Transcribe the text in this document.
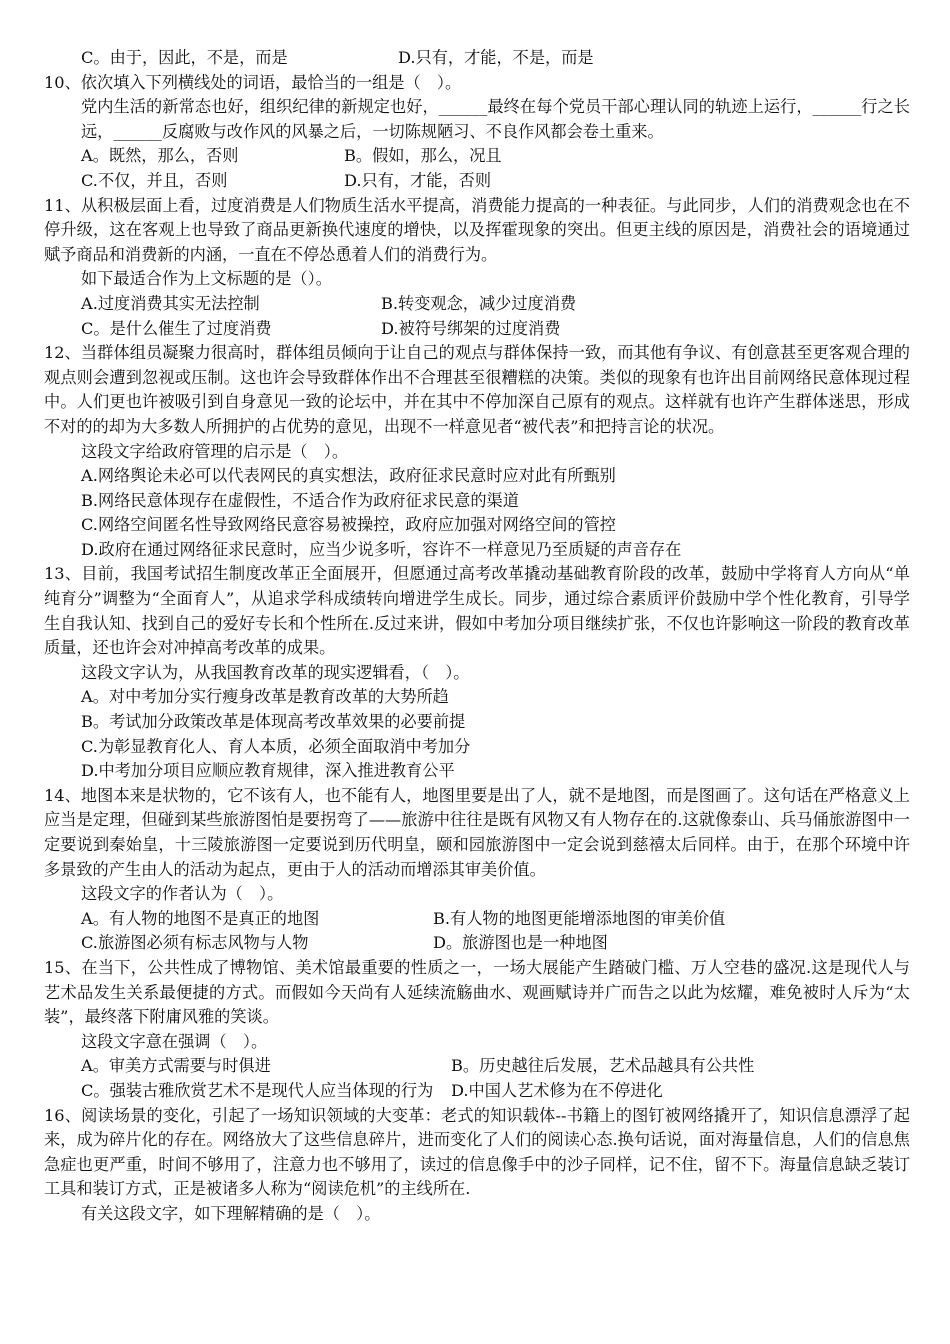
C。由于，因此，不是，而是	D.只有，才能，不是，而是
10、依次填入下列横线处的词语，最恰当的一组是（　）。
党内生活的新常态也好，组织纪律的新规定也好，______最终在每个党员干部心理认同的轨迹上运行，______行之长远，______反腐败与改作风的风暴之后，一切陈规陋习、不良作风都会卷土重来。
A。既然，那么，否则	B。假如，那么，况且
C.不仅，并且，否则	D.只有，才能，否则
11、从积极层面上看，过度消费是人们物质生活水平提高，消费能力提高的一种表征。与此同步，人们的消费观念也在不停升级，这在客观上也导致了商品更新换代速度的增快，以及挥霍现象的突出。但更主线的原因是，消费社会的语境通过赋予商品和消费新的内涵，一直在不停怂恿着人们的消费行为。
如下最适合作为上文标题的是（）。
A.过度消费其实无法控制	B.转变观念，减少过度消费
C。是什么催生了过度消费	D.被符号绑架的过度消费
12、当群体组员凝聚力很高时，群体组员倾向于让自己的观点与群体保持一致，而其他有争议、有创意甚至更客观合理的观点则会遭到忽视或压制。这也许会导致群体作出不合理甚至很糟糕的决策。类似的现象有也许出目前网络民意体现过程中。人们更也许被吸引到自身意见一致的论坛中，并在其中不停加深自己原有的观点。这样就有也许产生群体迷思，形成不对的的却为大多数人所拥护的占优势的意见，出现不一样意见者“被代表”和把持言论的状况。
这段文字给政府管理的启示是（　）。
A.网络舆论未必可以代表网民的真实想法，政府征求民意时应对此有所甄别
B.网络民意体现存在虚假性，不适合作为政府征求民意的渠道
C.网络空间匿名性导致网络民意容易被操控，政府应加强对网络空间的管控
D.政府在通过网络征求民意时，应当少说多听，容许不一样意见乃至质疑的声音存在
13、目前，我国考试招生制度改革正全面展开，但愿通过高考改革撬动基础教育阶段的改革，鼓励中学将育人方向从“单纯育分”调整为“全面育人”，从追求学科成绩转向增进学生成长。同步，通过综合素质评价鼓励中学个性化教育，引导学生自我认知、找到自己的爱好专长和个性所在.反过来讲，假如中考加分项目继续扩张，不仅也许影响这一阶段的教育改革质量，还也许会对冲掉高考改革的成果。
这段文字认为，从我国教育改革的现实逻辑看，（　）。
A。对中考加分实行瘦身改革是教育改革的大势所趋
B。考试加分政策改革是体现高考改革效果的必要前提
C.为彰显教育化人、育人本质，必须全面取消中考加分
D.中考加分项目应顺应教育规律，深入推进教育公平
14、地图本来是状物的，它不该有人，也不能有人，地图里要是出了人，就不是地图，而是图画了。这句话在严格意义上应当是定理，但碰到某些旅游图怕是要拐弯了——旅游中往往是既有风物又有人物存在的.这就像泰山、兵马俑旅游图中一定要说到秦始皇，十三陵旅游图一定要说到历代明皇，颐和园旅游图中一定会说到慈禧太后同样。由于，在那个环境中许多景致的产生由人的活动为起点，更由于人的活动而增添其审美价值。
这段文字的作者认为（　）。
A。有人物的地图不是真正的地图	B.有人物的地图更能增添地图的审美价值
C.旅游图必须有标志风物与人物	D。旅游图也是一种地图
15、在当下，公共性成了博物馆、美术馆最重要的性质之一，一场大展能产生踏破门槛、万人空巷的盛况.这是现代人与艺术品发生关系最便捷的方式。而假如今天尚有人延续流觞曲水、观画赋诗并广而告之以此为炫耀，难免被时人斥为“太装”，最终落下附庸风雅的笑谈。
这段文字意在强调（　）。
A。审美方式需要与时俱进	B。历史越往后发展，艺术品越具有公共性
C。强装古雅欣赏艺术不是现代人应当体现的行为	D.中国人艺术修为在不停进化
16、阅读场景的变化，引起了一场知识领域的大变革：老式的知识载体--书籍上的图钉被网络撬开了，知识信息漂浮了起来，成为碎片化的存在。网络放大了这些信息碎片，进而变化了人们的阅读心态.换句话说，面对海量信息，人们的信息焦急症也更严重，时间不够用了，注意力也不够用了，读过的信息像手中的沙子同样，记不住，留不下。海量信息缺乏装订工具和装订方式，正是被诸多人称为“阅读危机”的主线所在.
有关这段文字，如下理解精确的是（　）。
